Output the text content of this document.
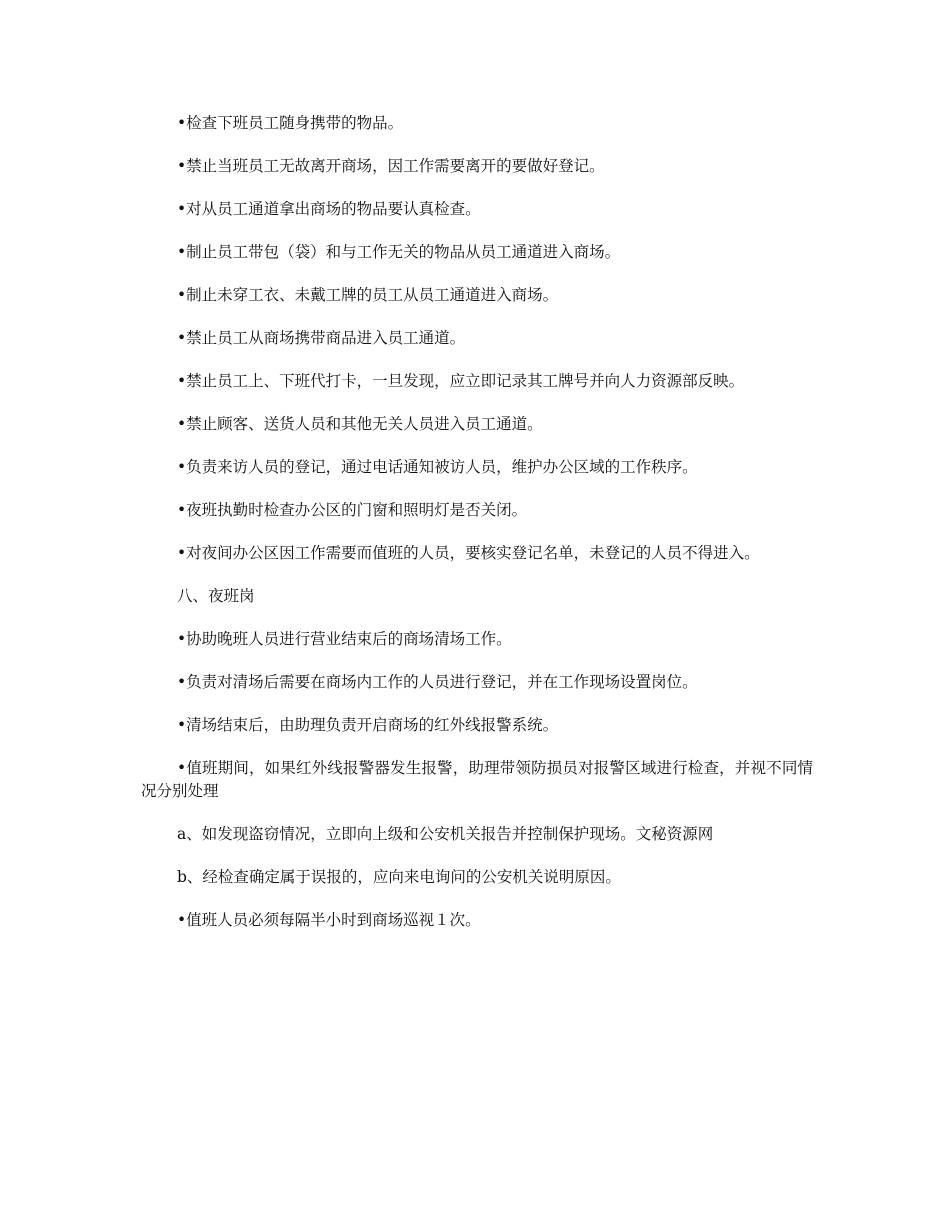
•检查下班员工随身携带的物品。

•禁止当班员工无故离开商场，因工作需要离开的要做好登记。

•对从员工通道拿出商场的物品要认真检查。

•制止员工带包（袋）和与工作无关的物品从员工通道进入商场。

•制止未穿工衣、未戴工牌的员工从员工通道进入商场。

•禁止员工从商场携带商品进入员工通道。

•禁止员工上、下班代打卡，一旦发现，应立即记录其工牌号并向人力资源部反映。

•禁止顾客、送货人员和其他无关人员进入员工通道。

•负责来访人员的登记，通过电话通知被访人员，维护办公区域的工作秩序。

•夜班执勤时检查办公区的门窗和照明灯是否关闭。

•对夜间办公区因工作需要而值班的人员，要核实登记名单，未登记的人员不得进入。

八、夜班岗

•协助晚班人员进行营业结束后的商场清场工作。

•负责对清场后需要在商场内工作的人员进行登记，并在工作现场设置岗位。

•清场结束后，由助理负责开启商场的红外线报警系统。

•值班期间，如果红外线报警器发生报警，助理带领防损员对报警区域进行检查，并视不同情况分别处理

a、如发现盗窃情况，立即向上级和公安机关报告并控制保护现场。文秘资源网

b、经检查确定属于误报的，应向来电询问的公安机关说明原因。

•值班人员必须每隔半小时到商场巡视１次。
